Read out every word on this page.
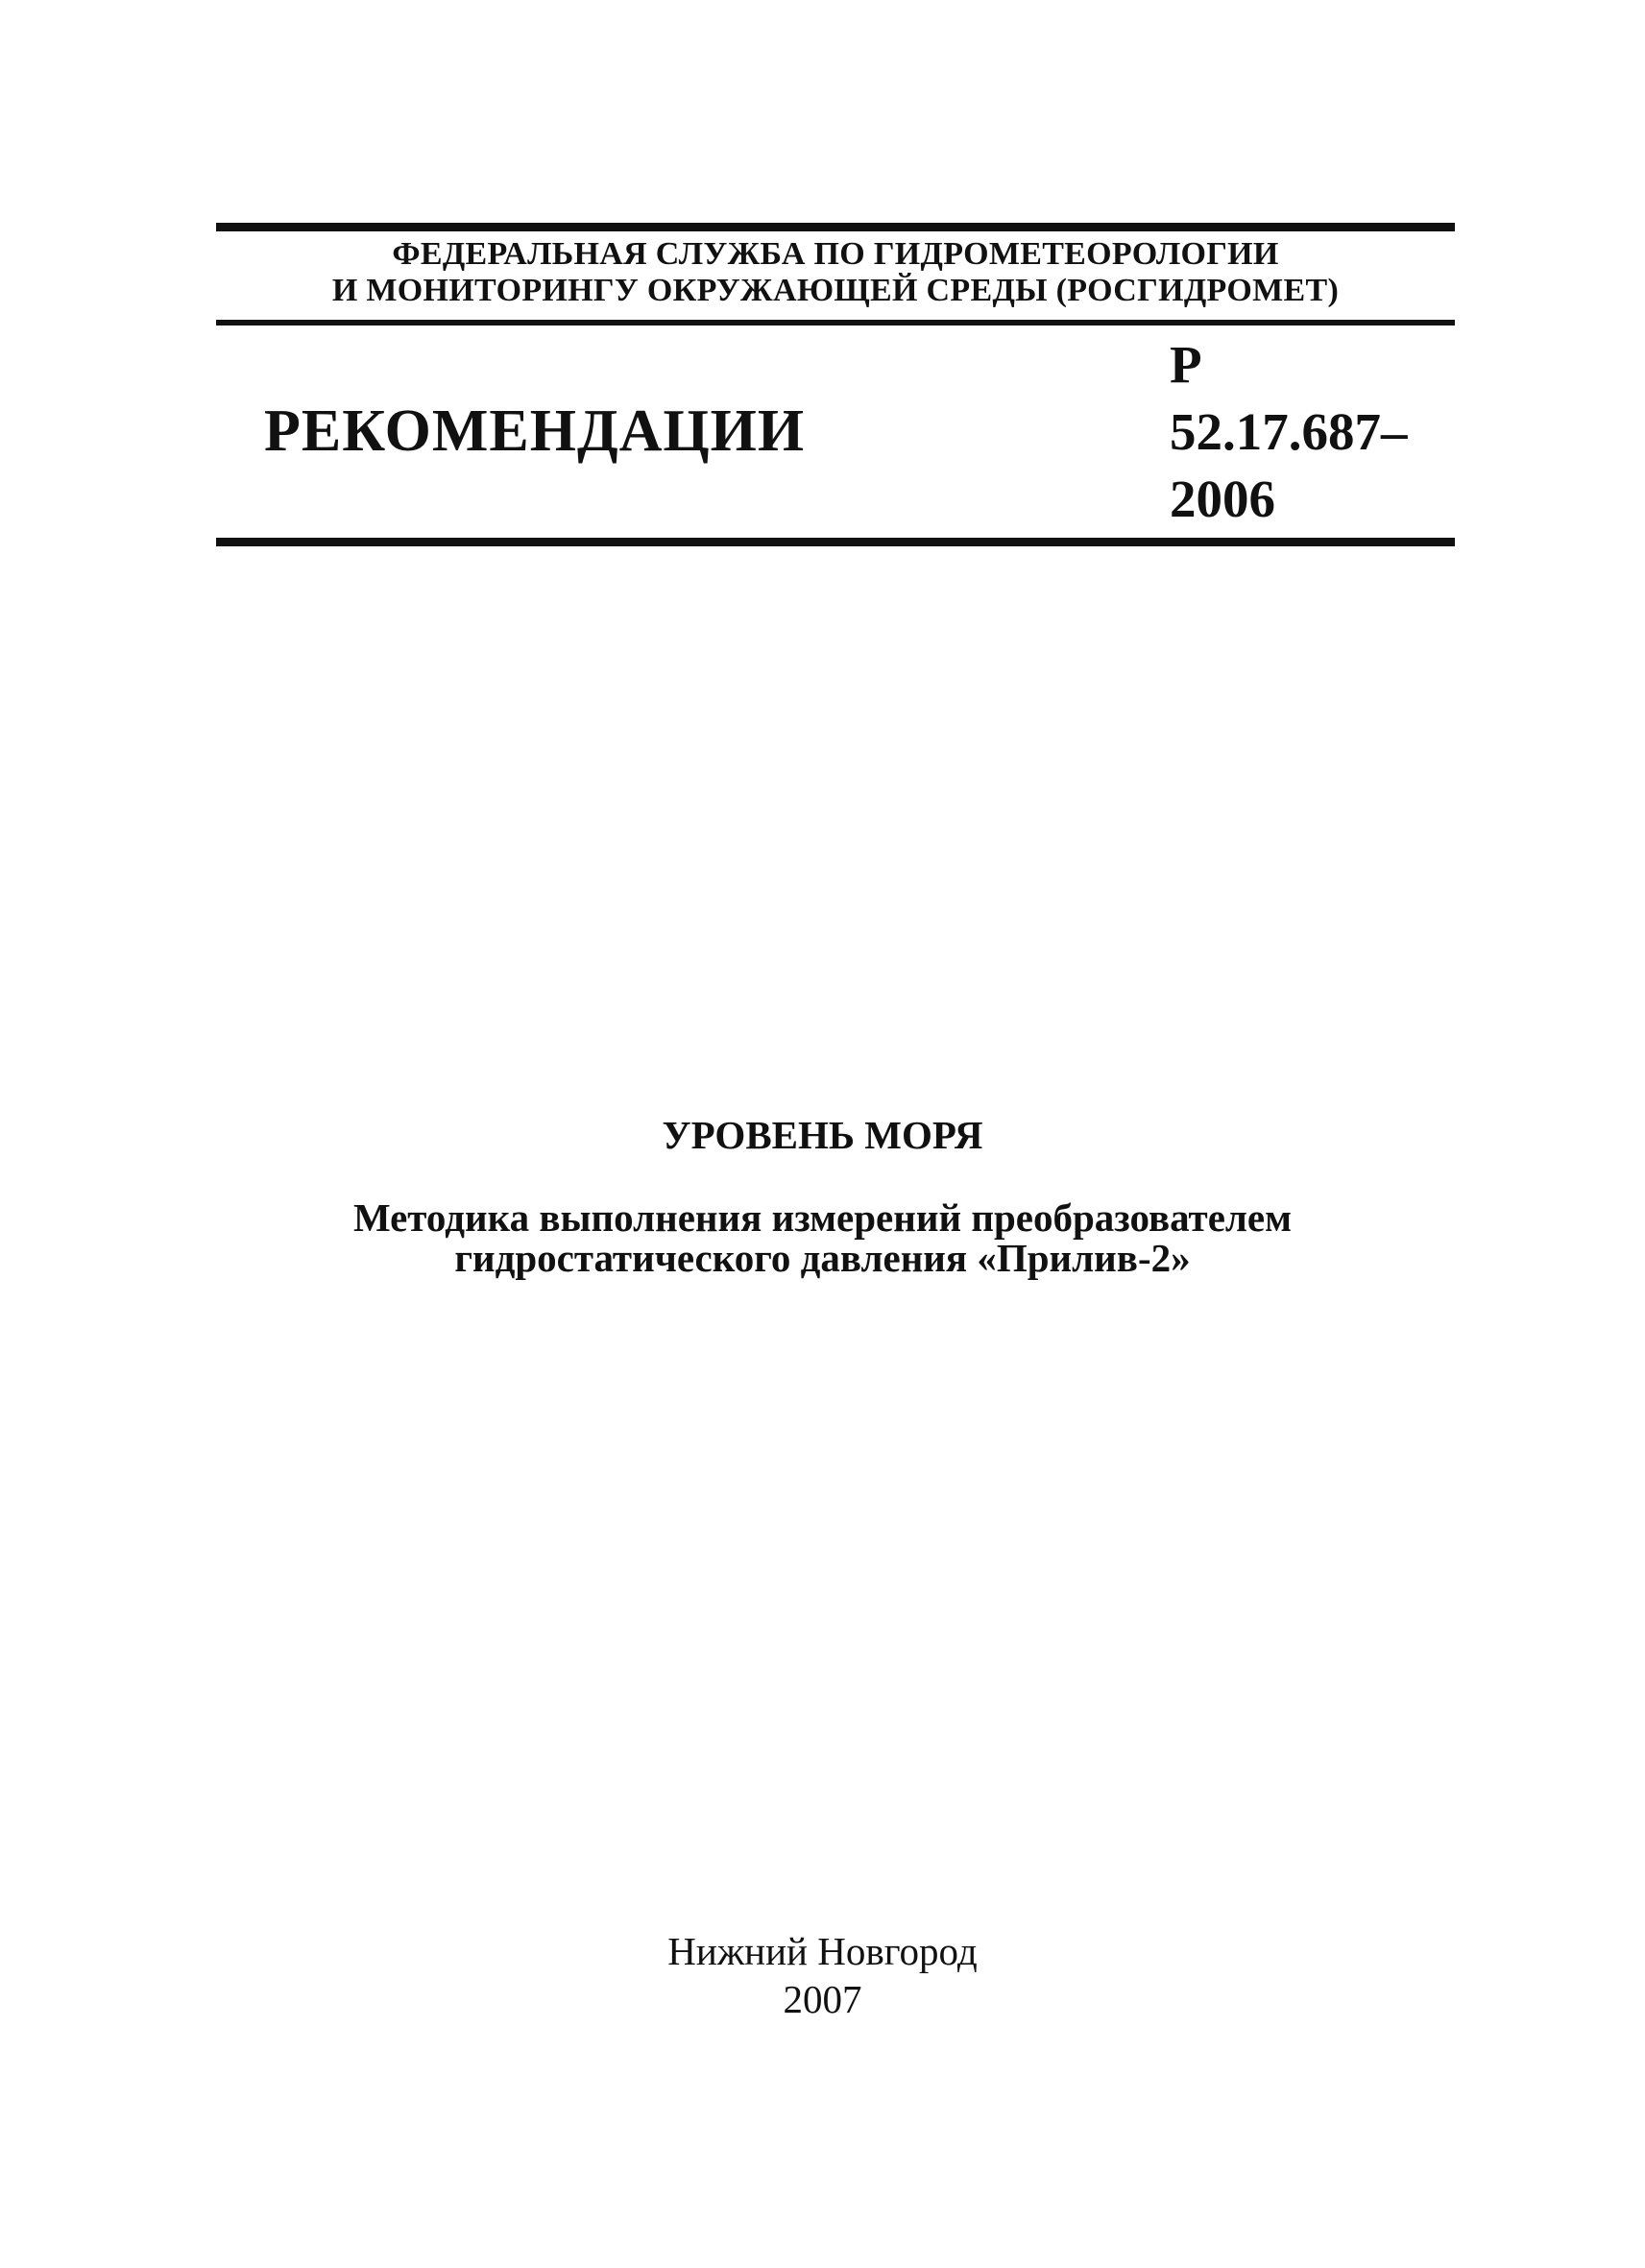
ФЕДЕРАЛЬНАЯ СЛУЖБА ПО ГИДРОМЕТЕОРОЛОГИИ
И МОНИТОРИНГУ ОКРУЖАЮЩЕЙ СРЕДЫ (РОСГИДРОМЕТ)
РЕКОМЕНДАЦИИ
Р
52.17.687–
2006
УРОВЕНЬ МОРЯ
Методика выполнения измерений преобразователем
гидростатического давления «Прилив-2»
Нижний Новгород
2007
